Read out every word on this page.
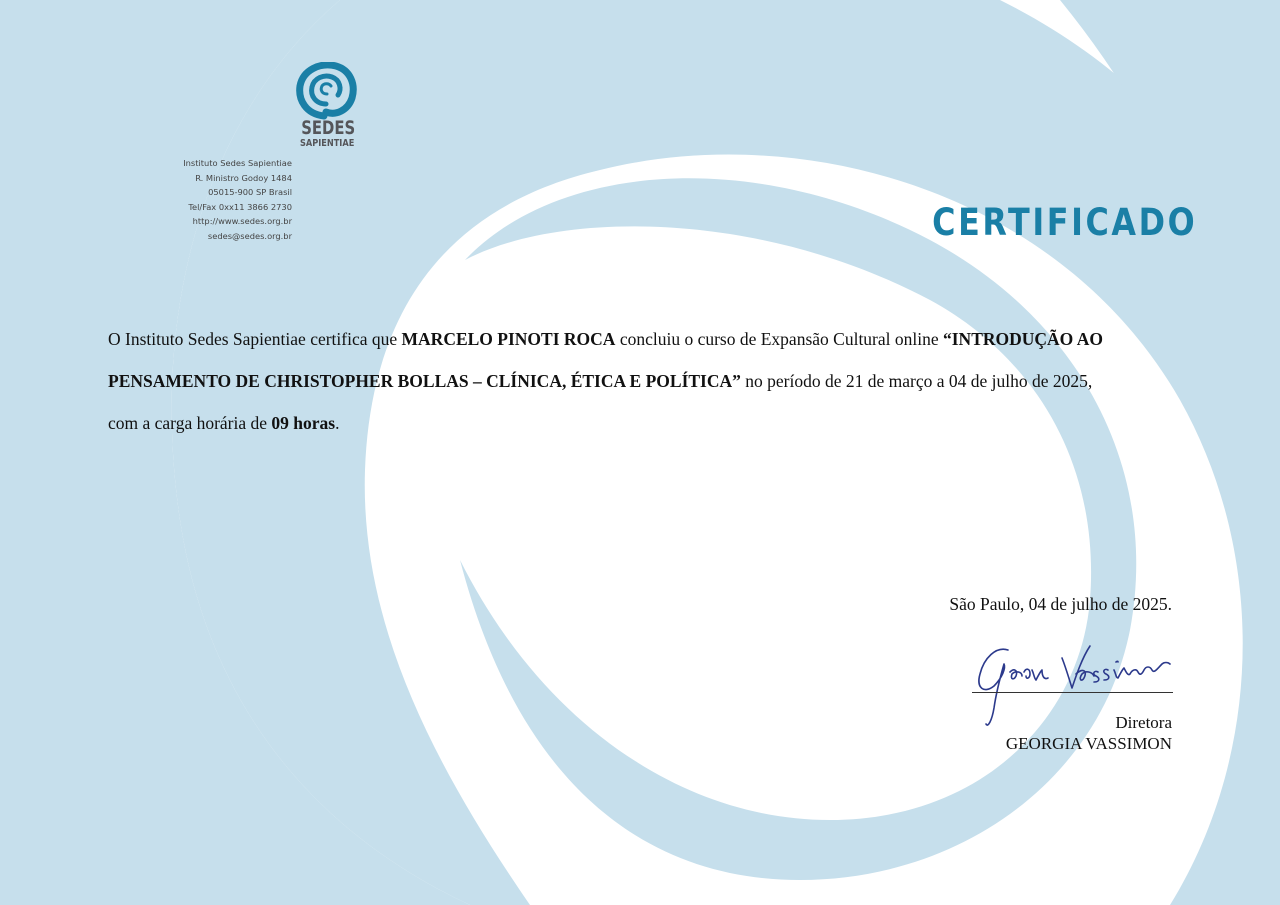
SEDES
SAPIENTIAE
Instituto Sedes Sapientiae
R. Ministro Godoy 1484
05015-900 SP Brasil
Tel/Fax 0xx11 3866 2730
http://www.sedes.org.br
sedes@sedes.org.br	CERTIFICADO
O Instituto Sedes Sapientiae certifica que MARCELO PINOTI ROCA concluiu o curso de Expansão Cultural online “INTRODUÇÃO AO
PENSAMENTO DE CHRISTOPHER BOLLAS – CLÍNICA, ÉTICA E POLÍTICA” no período de 21 de março a 04 de julho de 2025,
com a carga horária de 09 horas.
São Paulo, 04 de julho de 2025.
Diretora
GEORGIA VASSIMON
